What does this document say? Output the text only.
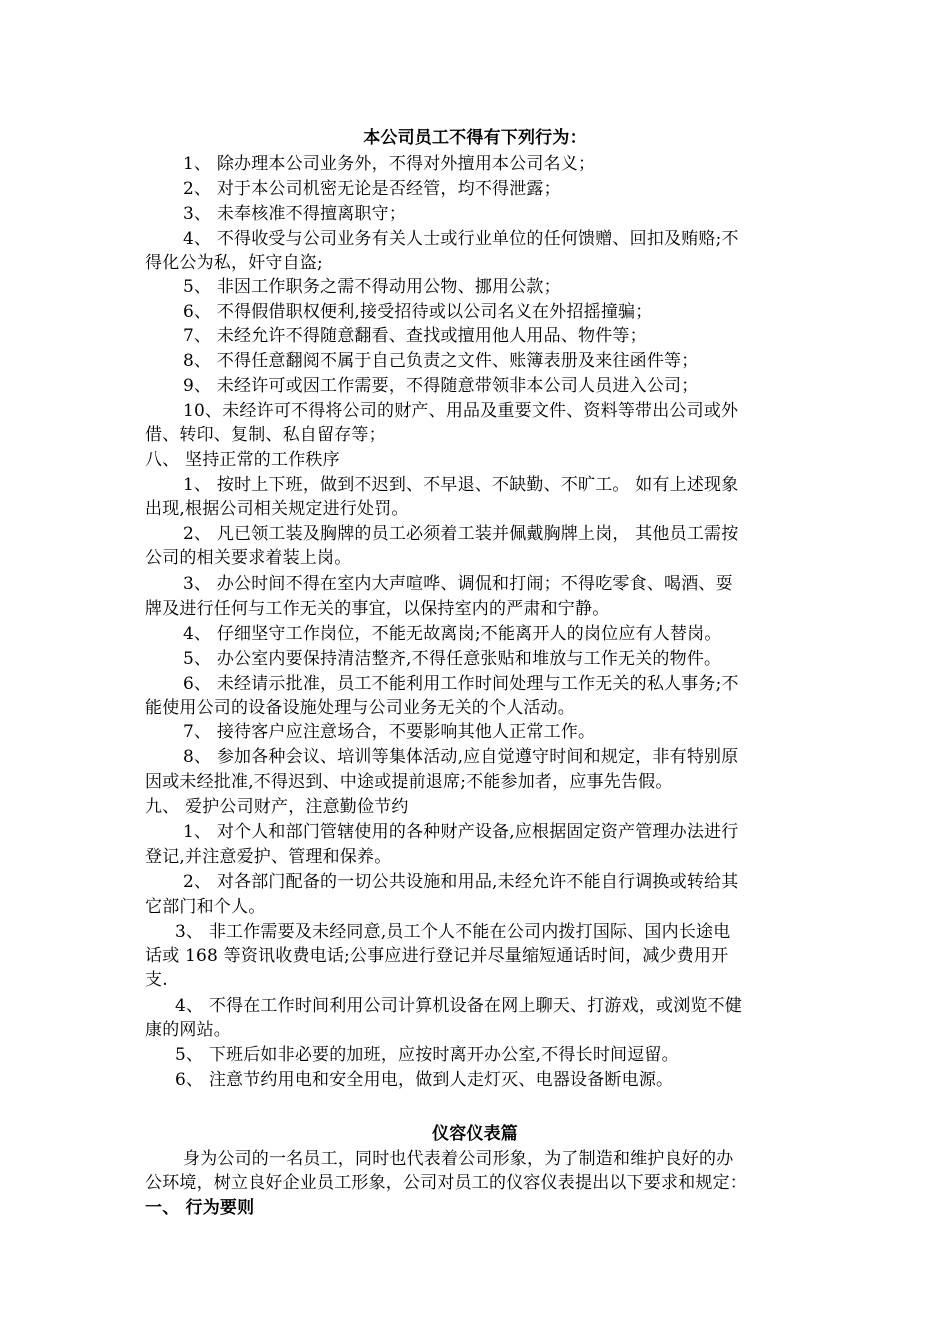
本公司员工不得有下列行为：
1、 除办理本公司业务外，不得对外擅用本公司名义；
2、 对于本公司机密无论是否经管，均不得泄露；
3、 未奉核准不得擅离职守；
4、 不得收受与公司业务有关人士或行业单位的任何馈赠、回扣及贿赂;不
得化公为私，奸守自盗;
5、 非因工作职务之需不得动用公物、挪用公款；
6、 不得假借职权便利,接受招待或以公司名义在外招摇撞骗；
7、 未经允许不得随意翻看、查找或擅用他人用品、物件等；
8、 不得任意翻阅不属于自己负责之文件、账簿表册及来往函件等；
9、 未经许可或因工作需要，不得随意带领非本公司人员进入公司；
10、未经许可不得将公司的财产、用品及重要文件、资料等带出公司或外
借、转印、复制、私自留存等；
八、 坚持正常的工作秩序
1、 按时上下班，做到不迟到、不早退、不缺勤、不旷工。 如有上述现象
出现,根据公司相关规定进行处罚。
2、 凡已领工装及胸牌的员工必须着工装并佩戴胸牌上岗， 其他员工需按
公司的相关要求着装上岗。
3、 办公时间不得在室内大声喧哗、调侃和打闹；不得吃零食、喝酒、耍
牌及进行任何与工作无关的事宜，以保持室内的严肃和宁静。
4、 仔细坚守工作岗位，不能无故离岗;不能离开人的岗位应有人替岗。
5、 办公室内要保持清洁整齐,不得任意张贴和堆放与工作无关的物件。
6、 未经请示批准，员工不能利用工作时间处理与工作无关的私人事务;不
能使用公司的设备设施处理与公司业务无关的个人活动。
7、 接待客户应注意场合，不要影响其他人正常工作。
8、 参加各种会议、培训等集体活动,应自觉遵守时间和规定，非有特别原
因或未经批准,不得迟到、中途或提前退席;不能参加者，应事先告假。
九、 爱护公司财产，注意勤俭节约
1、 对个人和部门管辖使用的各种财产设备,应根据固定资产管理办法进行
登记,并注意爱护、管理和保养。
2、 对各部门配备的一切公共设施和用品,未经允许不能自行调换或转给其
它部门和个人。
3、 非工作需要及未经同意,员工个人不能在公司内拨打国际、国内长途电
话或 168 等资讯收费电话;公事应进行登记并尽量缩短通话时间，减少费用开
支.
4、 不得在工作时间利用公司计算机设备在网上聊天、打游戏，或浏览不健
康的网站。
5、 下班后如非必要的加班，应按时离开办公室,不得长时间逗留。
6、 注意节约用电和安全用电，做到人走灯灭、电器设备断电源。
仪容仪表篇
身为公司的一名员工，同时也代表着公司形象，为了制造和维护良好的办
公环境，树立良好企业员工形象，公司对员工的仪容仪表提出以下要求和规定：
一、 行为要则
